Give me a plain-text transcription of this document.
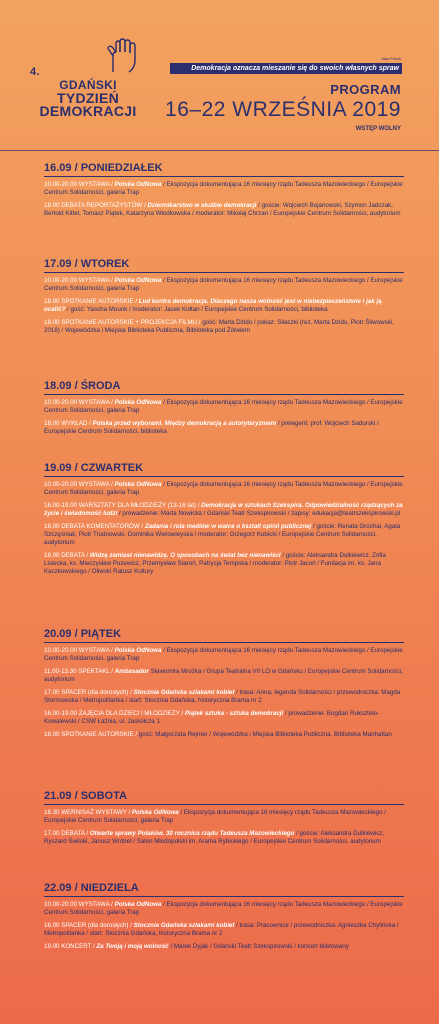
4.
GDAŃSKI
TYDZIEŃ
DEMOKRACJI
Max Frisch
Demokracja oznacza mieszanie się do swoich własnych spraw
PROGRAM
16–22 WRZEŚNIA 2019
WSTĘP WOLNY
16.09 / PONIEDZIAŁEK
10.00-20.00 WYSTAWA / Polska OdNowa / Ekspozycja dokumentująca 16 miesięcy rządu Tadeusza Mazowieckiego / Europejskie Centrum Solidarności, galeria Trap
18.00 DEBATA REPORTAŻYSTÓW / Dziennikarstwo w służbie demokracji / goście: Wojciech Bojanowski, Szymon Jadczak, Bertold Kittel, Tomasz Piątek, Katarzyna Włodkowska / moderator: Mikołaj Chrzan / Europejskie Centrum Solidarności, audytorium
17.09 / WTOREK
10.00-20.00 WYSTAWA / Polska OdNowa / Ekspozycja dokumentująca 16 miesięcy rządu Tadeusza Mazowieckiego / Europejskie Centrum Solidarności, galeria Trap
18.00 SPOTKANIE AUTORSKIE / Lud kontra demokracja. Dlaczego nasza wolność jest w niebezpieczeństwie i jak ją ocalić? / gość: Yascha Mounk / moderator: Jacek Kołtan / Europejskie Centrum Solidarności, biblioteka
18.00 SPOTKANIE AUTORSKIE + PROJEKCJA FILMU / gość: Marta Dzido / pokaz: Siłaczki (reż. Marta Dzido, Piotr Śliwowski, 2018) / Wojewódzka i Miejska Biblioteka Publiczna, Biblioteka pod Żółwiem
18.09 / ŚRODA
10.00-20.00 WYSTAWA / Polska OdNowa / Ekspozycja dokumentująca 16 miesięcy rządu Tadeusza Mazowieckiego / Europejskie Centrum Solidarności, galeria Trap
18.00 WYKŁAD / Polska przed wyborami. Między demokracją a autorytaryzmem / prelegent: prof. Wojciech Sadurski / Europejskie Centrum Solidarności, biblioteka
19.09 / CZWARTEK
10.00-20.00 WYSTAWA / Polska OdNowa / Ekspozycja dokumentująca 16 miesięcy rządu Tadeusza Mazowieckiego / Europejskie Centrum Solidarności, galeria Trap
16.00-19.00 WARSZTATY DLA MŁODZIEŻY (13-16 lat) / Demokracja w sztukach Szekspira. Odpowiedzialność rządzących za życie i świadomość ludzi / prowadzenie: Marta Nowicka / Gdański Teatr Szekspirowski / zapisy: edukacja@teatrszekspirowski.pl
18.00 DEBATA KOMENTATORÓW / Zadania i rola mediów w walce o kształt opinii publicznej / goście: Renata Grochal, Agata Szczęśniak, Piotr Trudnowski, Dominika Wielowieyska / moderator: Grzegorz Kubicki / Europejskie Centrum Solidarności, audytorium
18.00 DEBATA / Widzę zamiast nienawidzę. O sposobach na świat bez nienawiści / goście: Aleksandra Dulkiewicz, Zofia Lisiecka, ks. Mieczysław Puzewicz, Przemysław Staroń, Patrycja Tempska / moderator: Piotr Jacoń / Fundacja im. ks. Jana Kaczkowskiego / Oliwski Ratusz Kultury
20.09 / PIĄTEK
10.00-20.00 WYSTAWA / Polska OdNowa / Ekspozycja dokumentująca 16 miesięcy rządu Tadeusza Mazowieckiego / Europejskie Centrum Solidarności, galeria Trap
11.00-13.30 SPEKTAKL / Ambasador Sławomira Mrożka / Grupa Teatralna VII LO w Gdańsku / Europejskie Centrum Solidarności, audytorium
17.00 SPACER (dla dorosłych) / Stocznia Gdańska szlakami kobiet / trasa: Anna, legenda Solidarności / przewodniczka: Magda Stormowska / Metropolitanka / start: Stocznia Gdańska, historyczna Brama nr 2
16.00-19.00 ZAJĘCIA DLA DZIECI I MŁODZIEŻY / Piątek sztuka - sztuka demokracji / prowadzenie: Bogdan Rukszteło-Kowalewski / CSW Łaźnia, ul. Jaskółcza 1
18.00 SPOTKANIE AUTORSKIE / gość: Małgorzata Rejmer / Wojewódzka i Miejska Biblioteka Publiczna, Biblioteka Manhattan
21.09 / SOBOTA
16.30 WERNISAŻ WYSTAWY / Polska OdNowa / Ekspozycja dokumentująca 16 miesięcy rządu Tadeusza Mazowieckiego / Europejskie Centrum Solidarności, galeria Trap
17.00 DEBATA / Otwarte sprawy Polaków. 30 rocznica rządu Tadeusza Mazowieckiego / goście: Aleksandra Dulkiewicz, Ryszard Świlski, Janusz Wróbel / Salon Młodopolski im. Arama Rybickiego / Europejskie Centrum Solidarności, audytorium
22.09 / NIEDZIELA
10.00-20.00 WYSTAWA / Polska OdNowa / Ekspozycja dokumentująca 16 miesięcy rządu Tadeusza Mazowieckiego / Europejskie Centrum Solidarności, galeria Trap
16.00 SPACER (dla dorosłych) / Stocznia Gdańska szlakami kobiet / trasa: Pracownice / przewodniczka: Agnieszka Chylińska / Metropolitanka / start: Stocznia Gdańska, historyczna Brama nr 2
19.00 KONCERT / Za Twoją i moją wolność / Marek Dyjak / Gdański Teatr Szekspirowski / koncert biletowany
